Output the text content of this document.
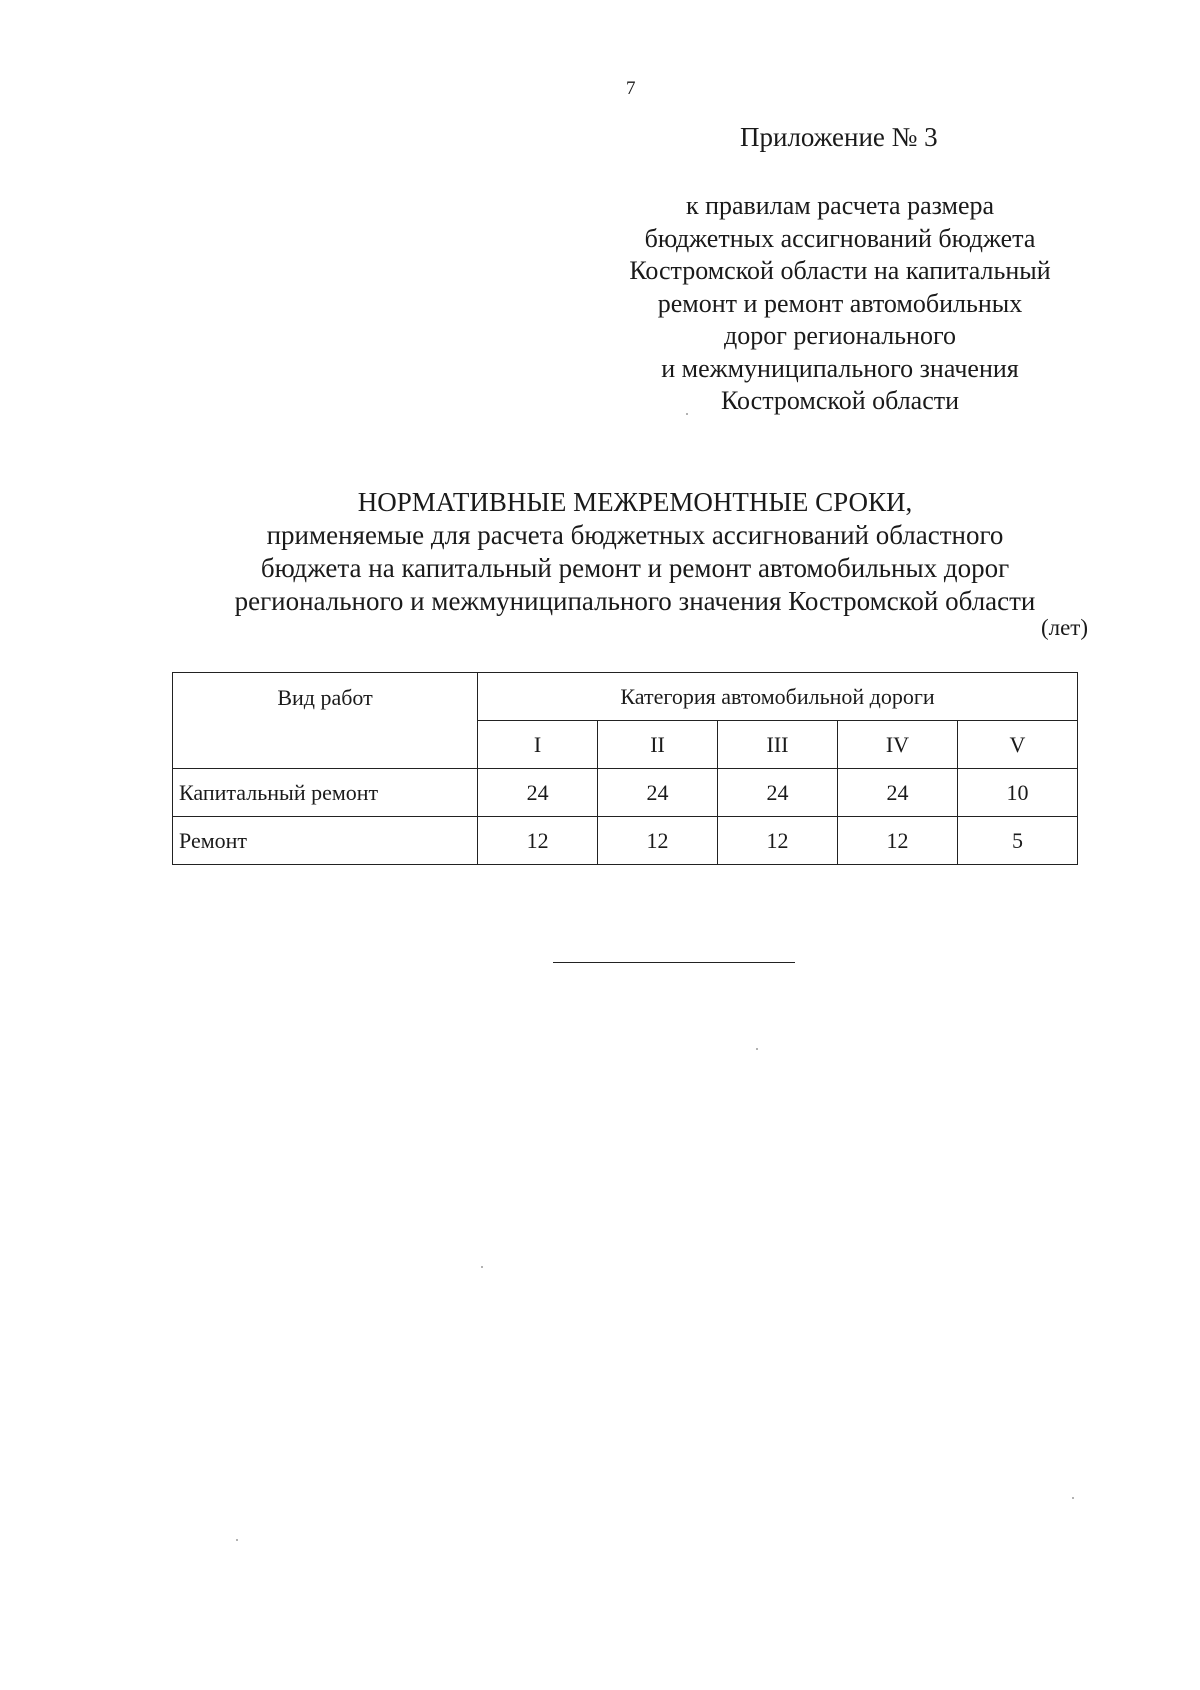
7
Приложение № 3
к правилам расчета размера
бюджетных ассигнований бюджета
Костромской области на капитальный
ремонт и ремонт автомобильных
дорог регионального
и межмуниципального значения
Костромской области
НОРМАТИВНЫЕ МЕЖРЕМОНТНЫЕ СРОКИ,
применяемые для расчета бюджетных ассигнований областного
бюджета на капитальный ремонт и ремонт автомобильных дорог
регионального и межмуниципального значения Костромской области
(лет)
Вид работ	Категория автомобильной дороги				
	I	II	III	IV	V
Капитальный ремонт	24	24	24	24	10
Ремонт	12	12	12	12	5
